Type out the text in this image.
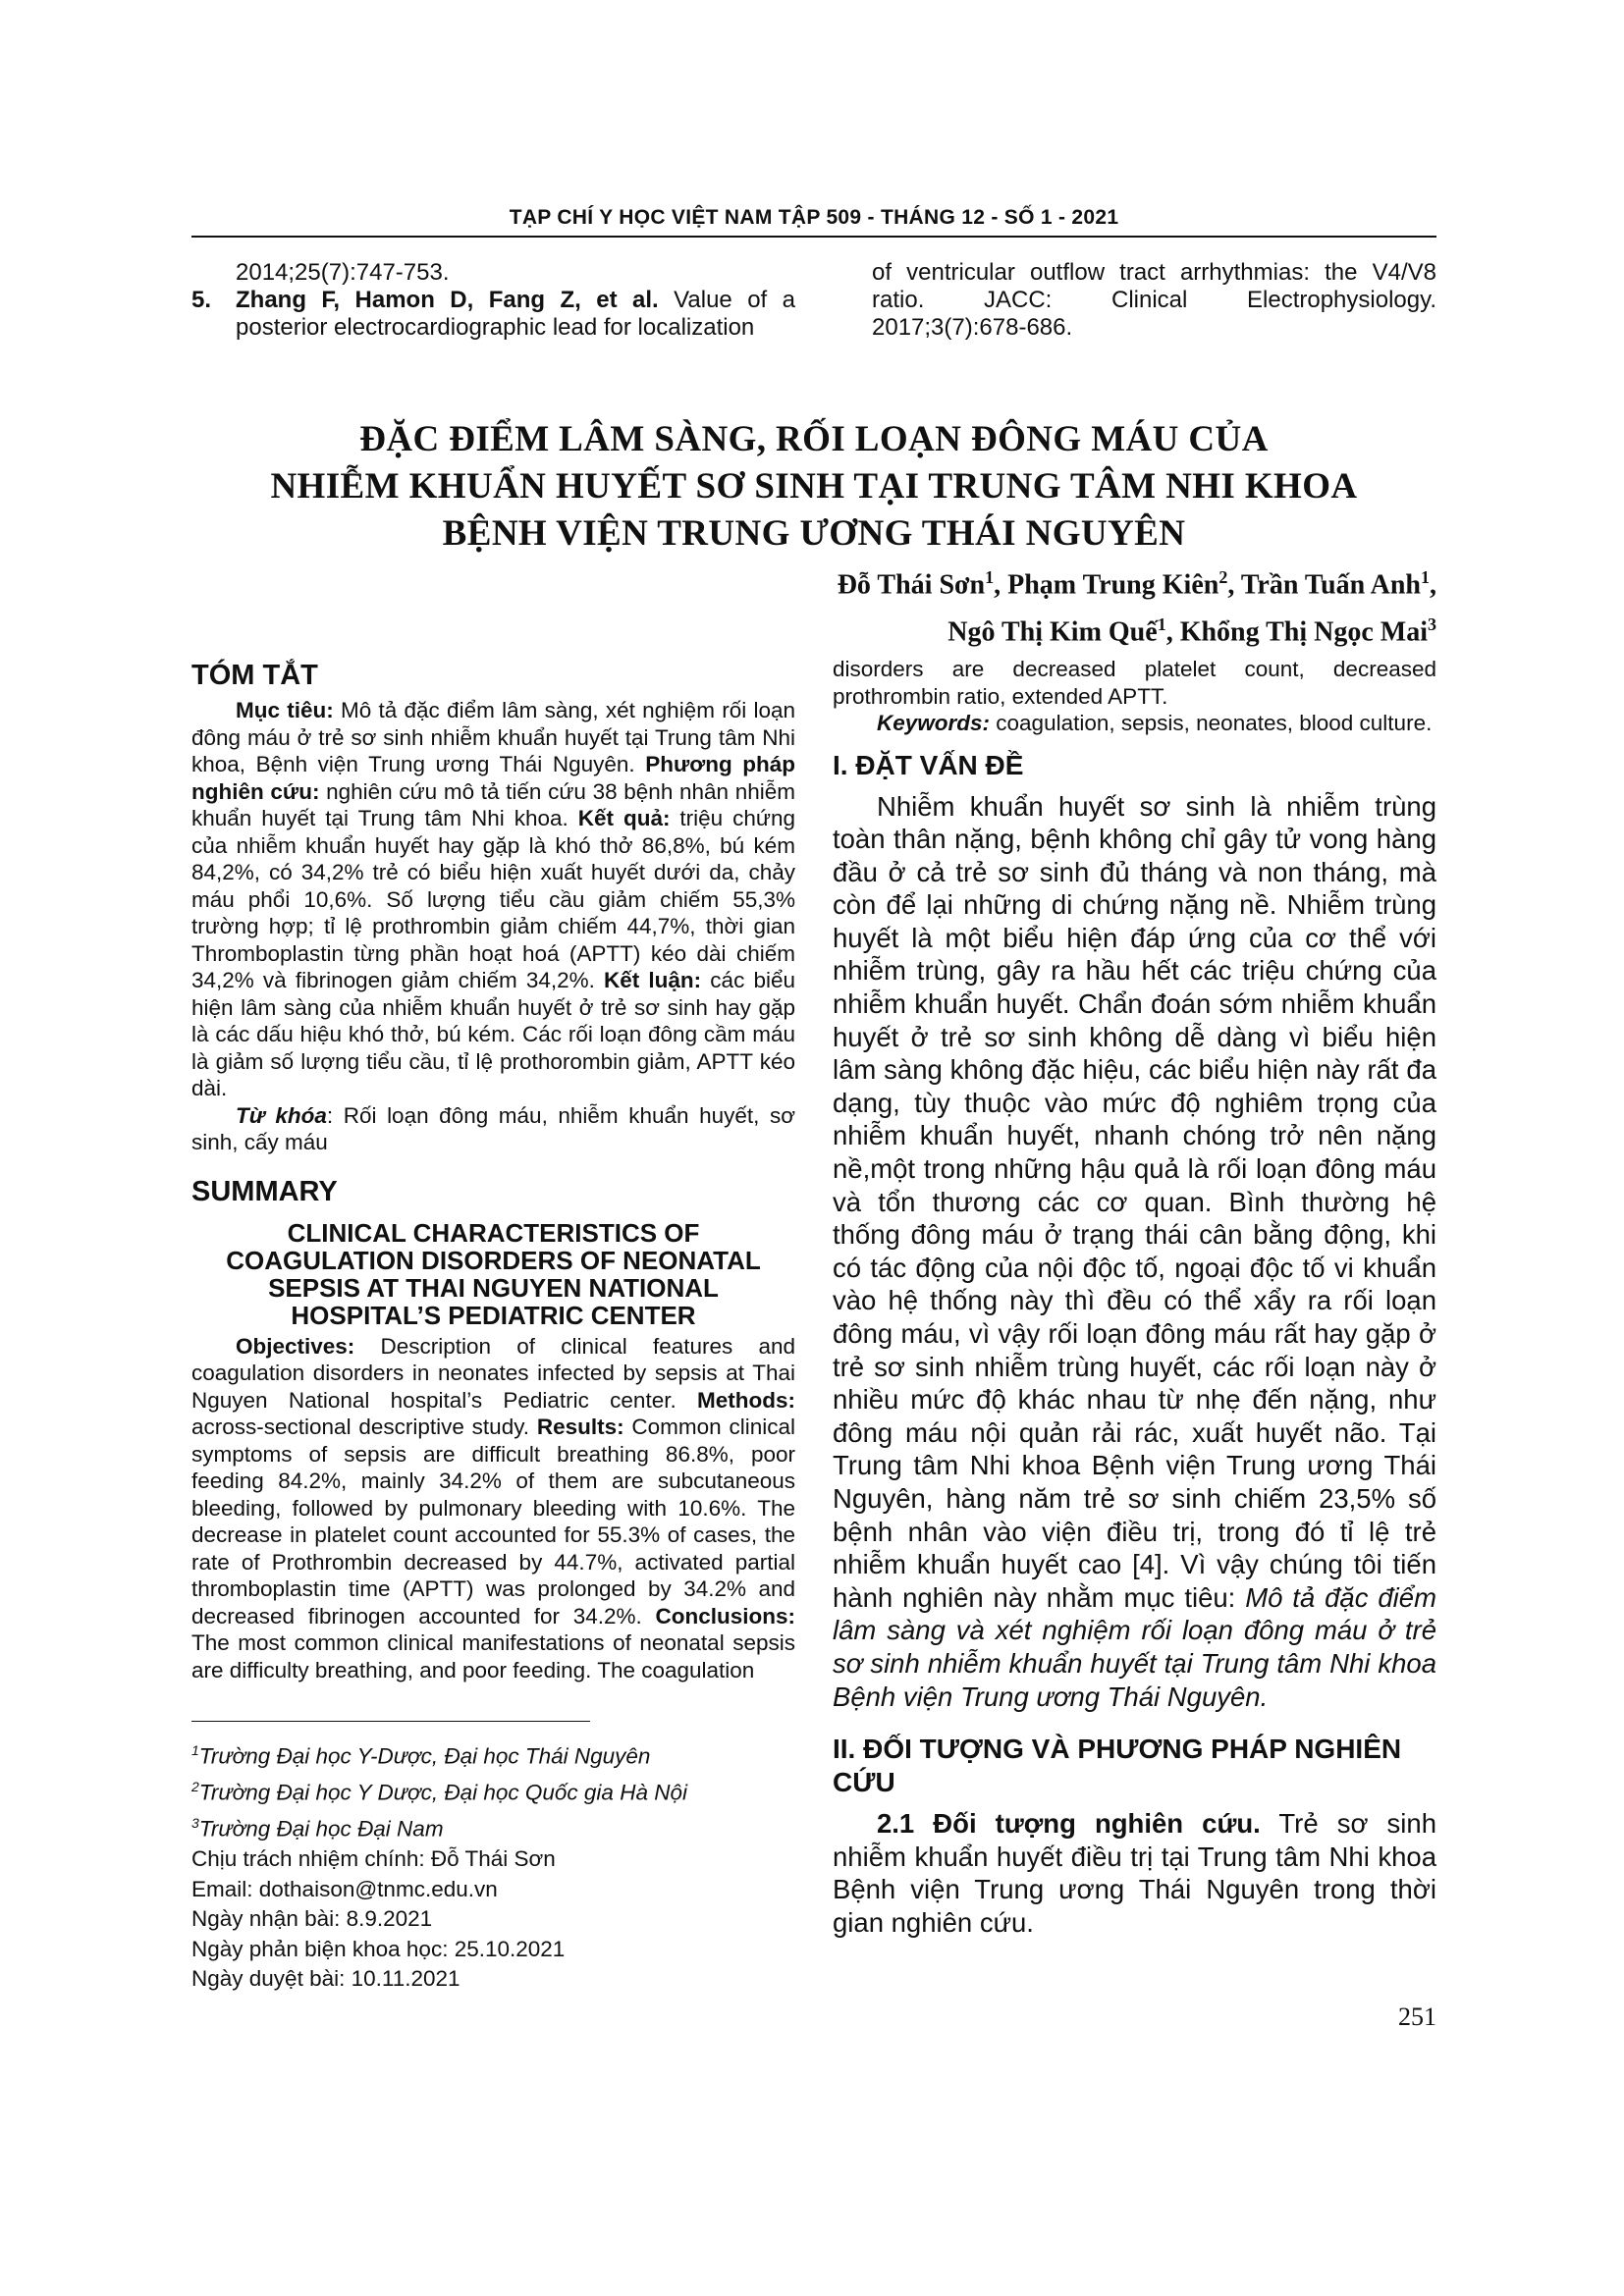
TẠP CHÍ Y HỌC VIỆT NAM TẬP 509 - THÁNG 12 - SỐ 1 - 2021
2014;25(7):747-753.
5. Zhang F, Hamon D, Fang Z, et al. Value of a posterior electrocardiographic lead for localization
of ventricular outflow tract arrhythmias: the V4/V8 ratio. JACC: Clinical Electrophysiology. 2017;3(7):678-686.
ĐẶC ĐIỂM LÂM SÀNG, RỐI LOẠN ĐÔNG MÁU CỦA
NHIỄM KHUẨN HUYẾT SƠ SINH TẠI TRUNG TÂM NHI KHOA
BỆNH VIỆN TRUNG ƯƠNG THÁI NGUYÊN
Đỗ Thái Sơn$^1$, Phạm Trung Kiên$^2$, Trần Tuấn Anh$^1$,
Ngô Thị Kim Quế$^1$, Khổng Thị Ngọc Mai$^3$
TÓM TẮT

Mục tiêu: Mô tả đặc điểm lâm sàng, xét nghiệm rối loạn đông máu ở trẻ sơ sinh nhiễm khuẩn huyết tại Trung tâm Nhi khoa, Bệnh viện Trung ương Thái Nguyên. Phương pháp nghiên cứu: nghiên cứu mô tả tiến cứu 38 bệnh nhân nhiễm khuẩn huyết tại Trung tâm Nhi khoa. Kết quả: triệu chứng của nhiễm khuẩn huyết hay gặp là khó thở 86,8%, bú kém 84,2%, có 34,2% trẻ có biểu hiện xuất huyết dưới da, chảy máu phổi 10,6%. Số lượng tiểu cầu giảm chiếm 55,3% trường hợp; tỉ lệ prothrombin giảm chiếm 44,7%, thời gian Thromboplastin từng phần hoạt hoá (APTT) kéo dài chiếm 34,2% và fibrinogen giảm chiếm 34,2%. Kết luận: các biểu hiện lâm sàng của nhiễm khuẩn huyết ở trẻ sơ sinh hay gặp là các dấu hiệu khó thở, bú kém. Các rối loạn đông cầm máu là giảm số lượng tiểu cầu, tỉ lệ prothorombin giảm, APTT kéo dài.

Từ khóa: Rối loạn đông máu, nhiễm khuẩn huyết, sơ sinh, cấy máu

SUMMARY
CLINICAL CHARACTERISTICS OF
COAGULATION DISORDERS OF NEONATAL
SEPSIS AT THAI NGUYEN NATIONAL
HOSPITAL’S PEDIATRIC CENTER

Objectives: Description of clinical features and coagulation disorders in neonates infected by sepsis at Thai Nguyen National hospital’s Pediatric center. Methods: across-sectional descriptive study. Results: Common clinical symptoms of sepsis are difficult breathing 86.8%, poor feeding 84.2%, mainly 34.2% of them are subcutaneous bleeding, followed by pulmonary bleeding with 10.6%. The decrease in platelet count accounted for 55.3% of cases, the rate of Prothrombin decreased by 44.7%, activated partial thromboplastin time (APTT) was prolonged by 34.2% and decreased fibrinogen accounted for 34.2%. Conclusions: The most common clinical manifestations of neonatal sepsis are difficulty breathing, and poor feeding. The coagulation

$^1$Trường Đại học Y-Dược, Đại học Thái Nguyên
$^2$Trường Đại học Y Dược, Đại học Quốc gia Hà Nội
$^3$Trường Đại học Đại Nam
Chịu trách nhiệm chính: Đỗ Thái Sơn
Email: dothaison@tnmc.edu.vn
Ngày nhận bài: 8.9.2021
Ngày phản biện khoa học: 25.10.2021
Ngày duyệt bài: 10.11.2021

disorders are decreased platelet count, decreased prothrombin ratio, extended APTT.

Keywords: coagulation, sepsis, neonates, blood culture.

I. ĐẶT VẤN ĐỀ

Nhiễm khuẩn huyết sơ sinh là nhiễm trùng toàn thân nặng, bệnh không chỉ gây tử vong hàng đầu ở cả trẻ sơ sinh đủ tháng và non tháng, mà còn để lại những di chứng nặng nề. Nhiễm trùng huyết là một biểu hiện đáp ứng của cơ thể với nhiễm trùng, gây ra hầu hết các triệu chứng của nhiễm khuẩn huyết. Chẩn đoán sớm nhiễm khuẩn huyết ở trẻ sơ sinh không dễ dàng vì biểu hiện lâm sàng không đặc hiệu, các biểu hiện này rất đa dạng, tùy thuộc vào mức độ nghiêm trọng của nhiễm khuẩn huyết, nhanh chóng trở nên nặng nề,một trong những hậu quả là rối loạn đông máu và tổn thương các cơ quan. Bình thường hệ thống đông máu ở trạng thái cân bằng động, khi có tác động của nội độc tố, ngoại độc tố vi khuẩn vào hệ thống này thì đều có thể xẩy ra rối loạn đông máu, vì vậy rối loạn đông máu rất hay gặp ở trẻ sơ sinh nhiễm trùng huyết, các rối loạn này ở nhiều mức độ khác nhau từ nhẹ đến nặng, như đông máu nội quản rải rác, xuất huyết não. Tại Trung tâm Nhi khoa Bệnh viện Trung ương Thái Nguyên, hàng năm trẻ sơ sinh chiếm 23,5% số bệnh nhân vào viện điều trị, trong đó tỉ lệ trẻ nhiễm khuẩn huyết cao [4]. Vì vậy chúng tôi tiến hành nghiên này nhằm mục tiêu: Mô tả đặc điểm lâm sàng và xét nghiệm rối loạn đông máu ở trẻ sơ sinh nhiễm khuẩn huyết tại Trung tâm Nhi khoa Bệnh viện Trung ương Thái Nguyên.

II. ĐỐI TƯỢNG VÀ PHƯƠNG PHÁP NGHIÊN CỨU

2.1 Đối tượng nghiên cứu. Trẻ sơ sinh nhiễm khuẩn huyết điều trị tại Trung tâm Nhi khoa Bệnh viện Trung ương Thái Nguyên trong thời gian nghiên cứu.

251
